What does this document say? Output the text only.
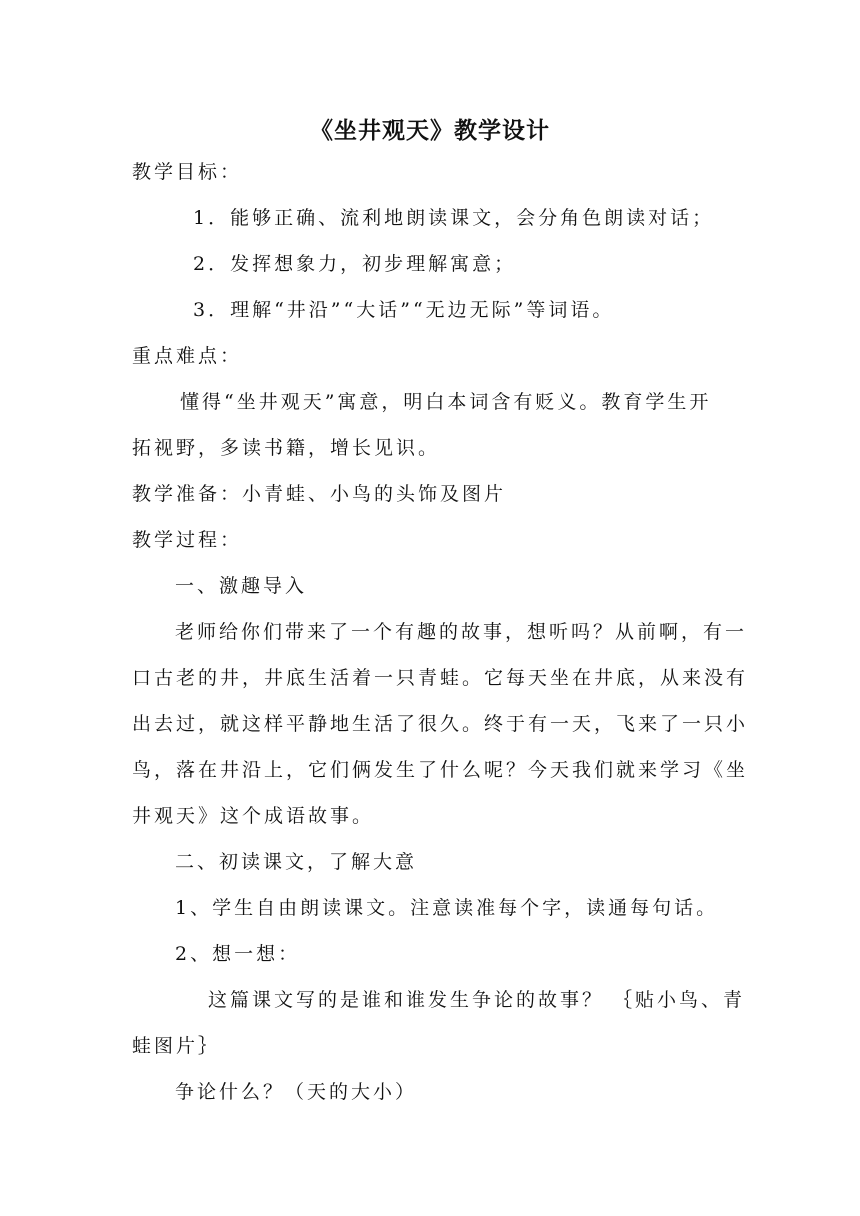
《坐井观天》教学设计
教学目标：
1．能够正确、流利地朗读课文，会分角色朗读对话；
2．发挥想象力，初步理解寓意；
3．理解“井沿”“大话”“无边无际”等词语。
重点难点：
懂得“坐井观天”寓意，明白本词含有贬义。教育学生开
拓视野，多读书籍，增长见识。
教学准备：小青蛙、小鸟的头饰及图片
教学过程：
一、激趣导入
老师给你们带来了一个有趣的故事，想听吗？从前啊，有一
口古老的井，井底生活着一只青蛙。它每天坐在井底，从来没有
出去过，就这样平静地生活了很久。终于有一天，飞来了一只小
鸟，落在井沿上，它们俩发生了什么呢？今天我们就来学习《坐
井观天》这个成语故事。
二、初读课文，了解大意
1、学生自由朗读课文。注意读准每个字，读通每句话。
2、想一想：
这篇课文写的是谁和谁发生争论的故事？ ｛贴小鸟、青
蛙图片｝
争论什么？（天的大小）
